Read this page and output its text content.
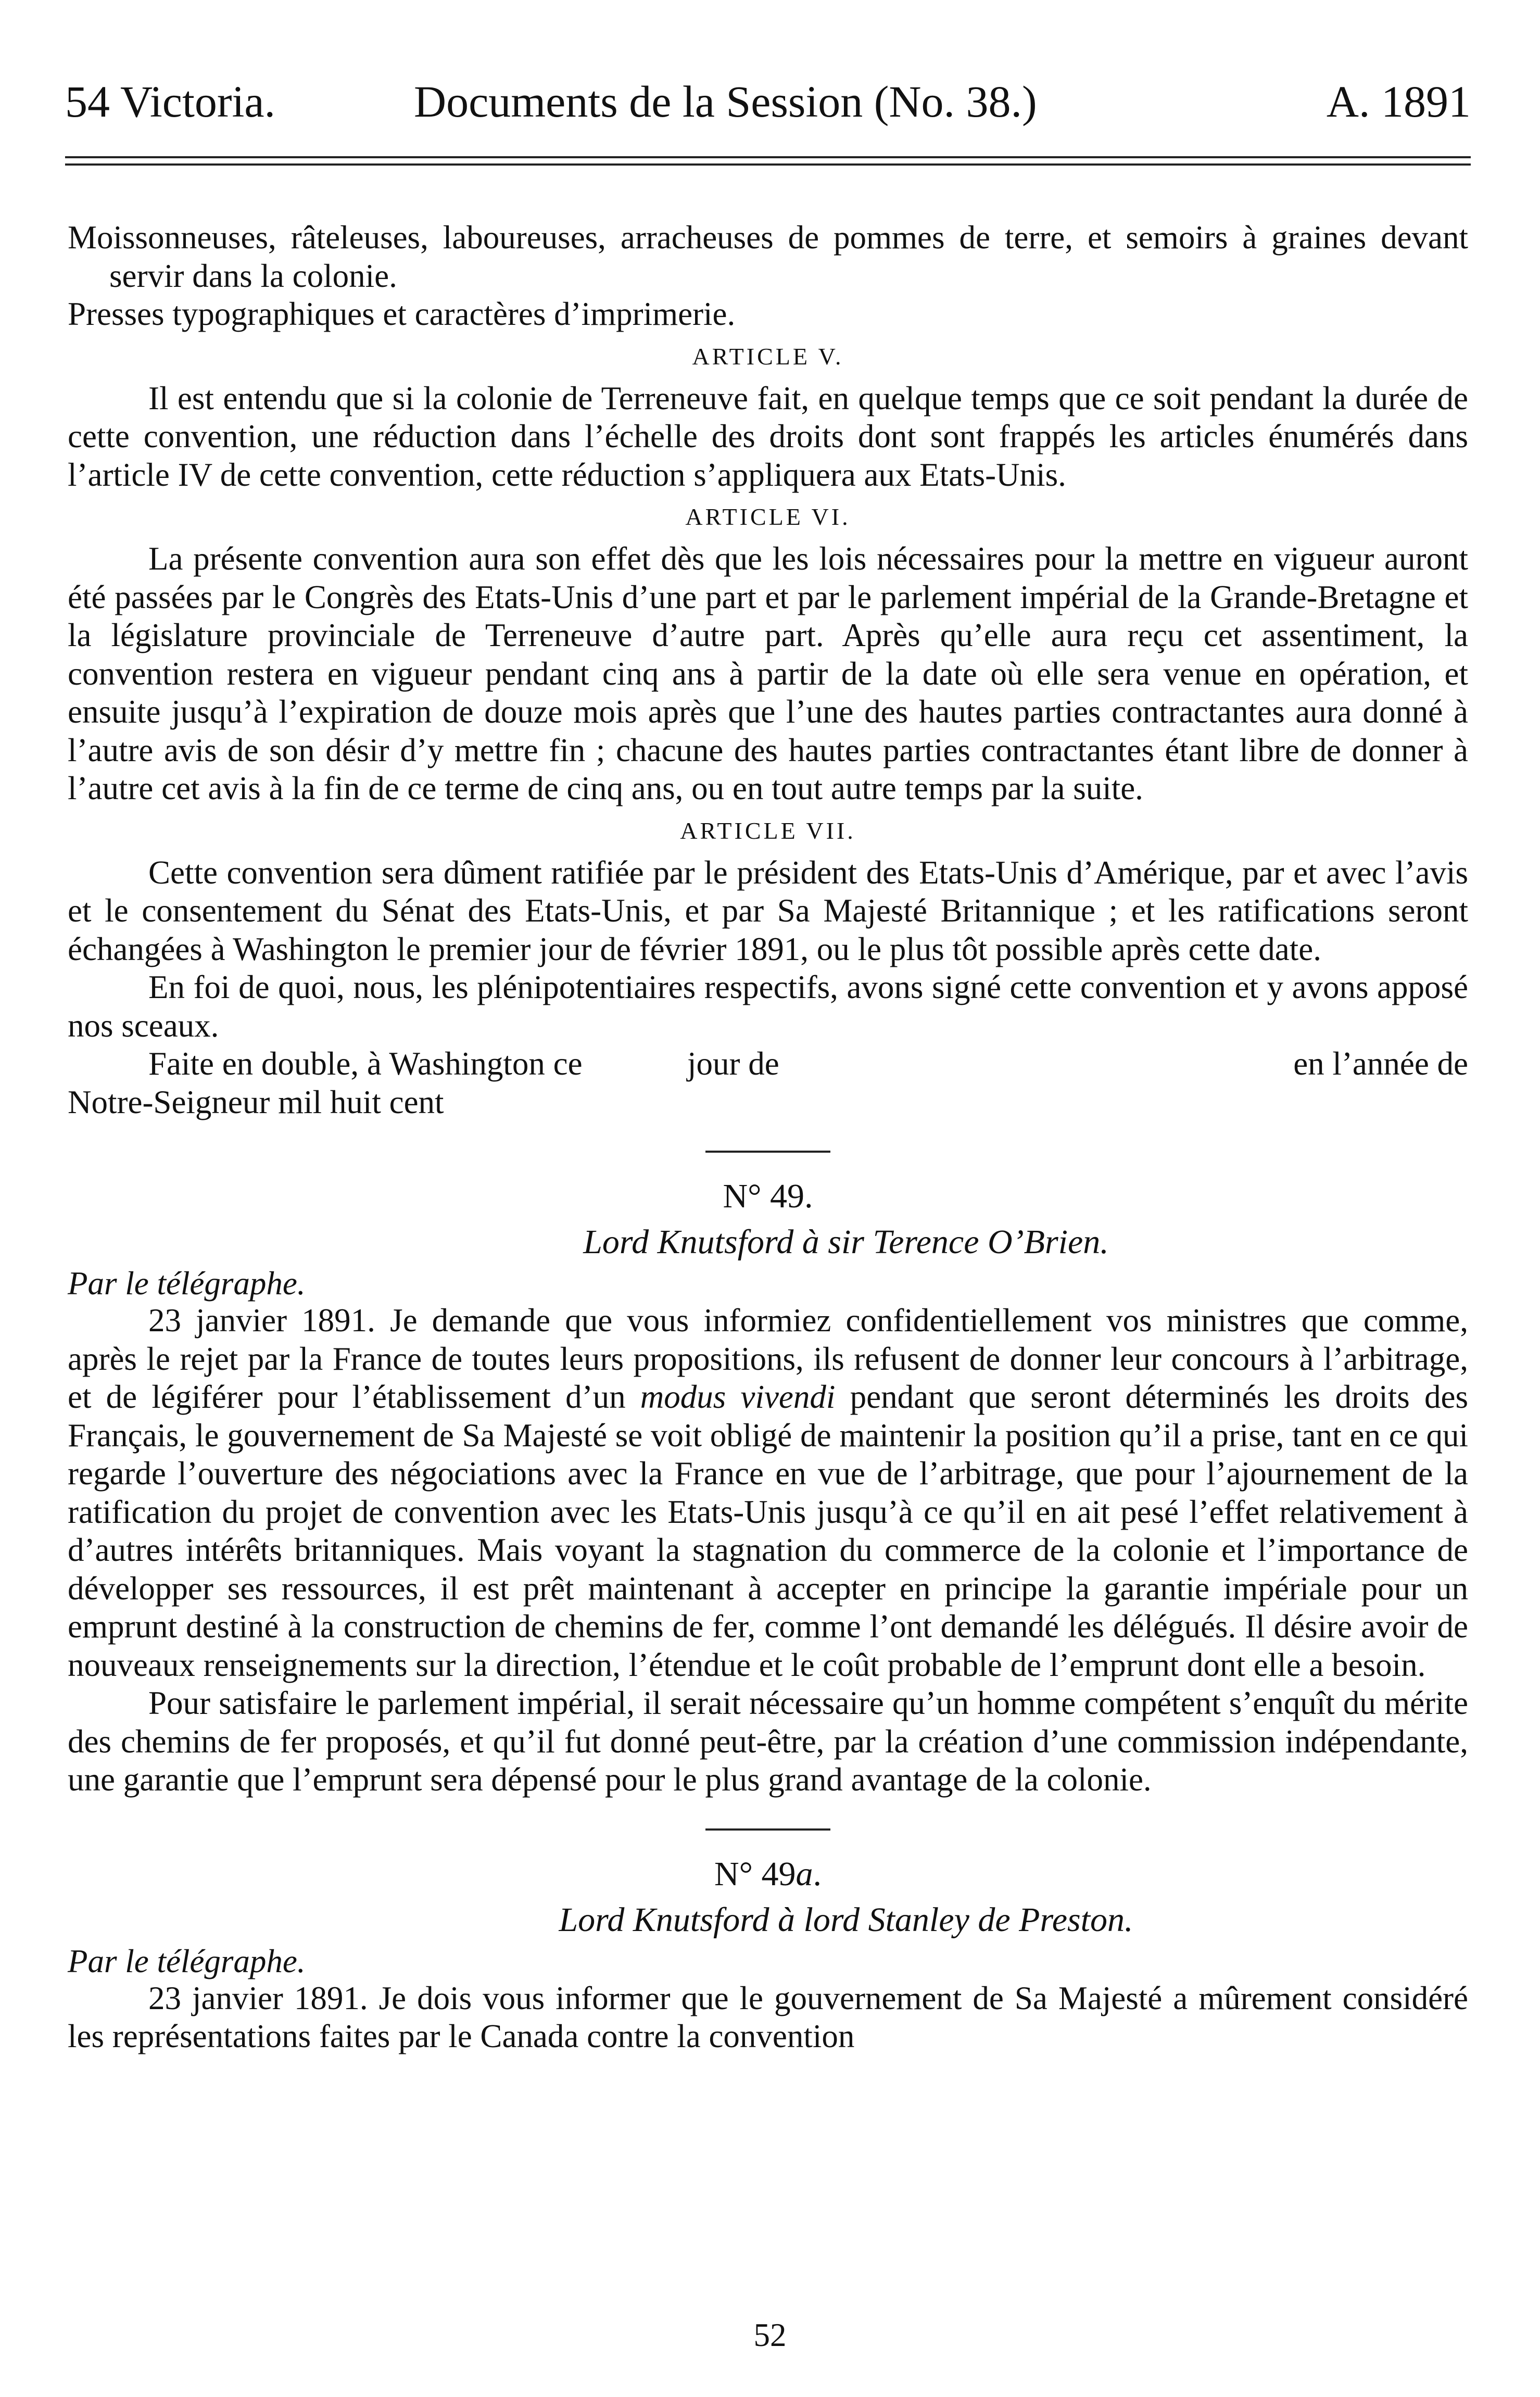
54 Victoria.	Documents de la Session (No. 38.)	A. 1891

Moissonneuses, râteleuses, laboureuses, arracheuses de pommes de terre, et semoirs à graines devant servir dans la colonie.

Presses typographiques et caractères d’imprimerie.

ARTICLE V.

Il est entendu que si la colonie de Terreneuve fait, en quelque temps que ce soit pendant la durée de cette convention, une réduction dans l’échelle des droits dont sont frappés les articles énumérés dans l’article IV de cette convention, cette réduction s’appliquera aux Etats-Unis.

ARTICLE VI.

La présente convention aura son effet dès que les lois nécessaires pour la mettre en vigueur auront été passées par le Congrès des Etats-Unis d’une part et par le parlement impérial de la Grande-Bretagne et la législature provinciale de Terreneuve d’autre part. Après qu’elle aura reçu cet assentiment, la convention restera en vigueur pendant cinq ans à partir de la date où elle sera venue en opération, et ensuite jusqu’à l’expiration de douze mois après que l’une des hautes parties contractantes aura donné à l’autre avis de son désir d’y mettre fin ; chacune des hautes parties contractantes étant libre de donner à l’autre cet avis à la fin de ce terme de cinq ans, ou en tout autre temps par la suite.

ARTICLE VII.

Cette convention sera dûment ratifiée par le président des Etats-Unis d’Amérique, par et avec l’avis et le consentement du Sénat des Etats-Unis, et par Sa Majesté Britannique ; et les ratifications seront échangées à Washington le premier jour de février 1891, ou le plus tôt possible après cette date.

En foi de quoi, nous, les plénipotentiaires respectifs, avons signé cette convention et y avons apposé nos sceaux.

Faite en double, à Washington ce	jour de	en l’année de

Notre-Seigneur mil huit cent

N° 49.

Lord Knutsford à sir Terence O’Brien.

Par le télégraphe.

23 janvier 1891. Je demande que vous informiez confidentiellement vos ministres que comme, après le rejet par la France de toutes leurs propositions, ils refusent de donner leur concours à l’arbitrage, et de légiférer pour l’établissement d’un modus vivendi pendant que seront déterminés les droits des Français, le gouvernement de Sa Majesté se voit obligé de maintenir la position qu’il a prise, tant en ce qui regarde l’ouverture des négociations avec la France en vue de l’arbitrage, que pour l’ajournement de la ratification du projet de convention avec les Etats-Unis jusqu’à ce qu’il en ait pesé l’effet relativement à d’autres intérêts britanniques. Mais voyant la stagnation du commerce de la colonie et l’importance de développer ses ressources, il est prêt maintenant à accepter en principe la garantie impériale pour un emprunt destiné à la construction de chemins de fer, comme l’ont demandé les délégués. Il désire avoir de nouveaux renseignements sur la direction, l’étendue et le coût probable de l’emprunt dont elle a besoin.

Pour satisfaire le parlement impérial, il serait nécessaire qu’un homme compétent s’enquît du mérite des chemins de fer proposés, et qu’il fut donné peut-être, par la création d’une commission indépendante, une garantie que l’emprunt sera dépensé pour le plus grand avantage de la colonie.

N° 49a.

Lord Knutsford à lord Stanley de Preston.

Par le télégraphe.

23 janvier 1891. Je dois vous informer que le gouvernement de Sa Majesté a mûrement considéré les représentations faites par le Canada contre la convention

52
